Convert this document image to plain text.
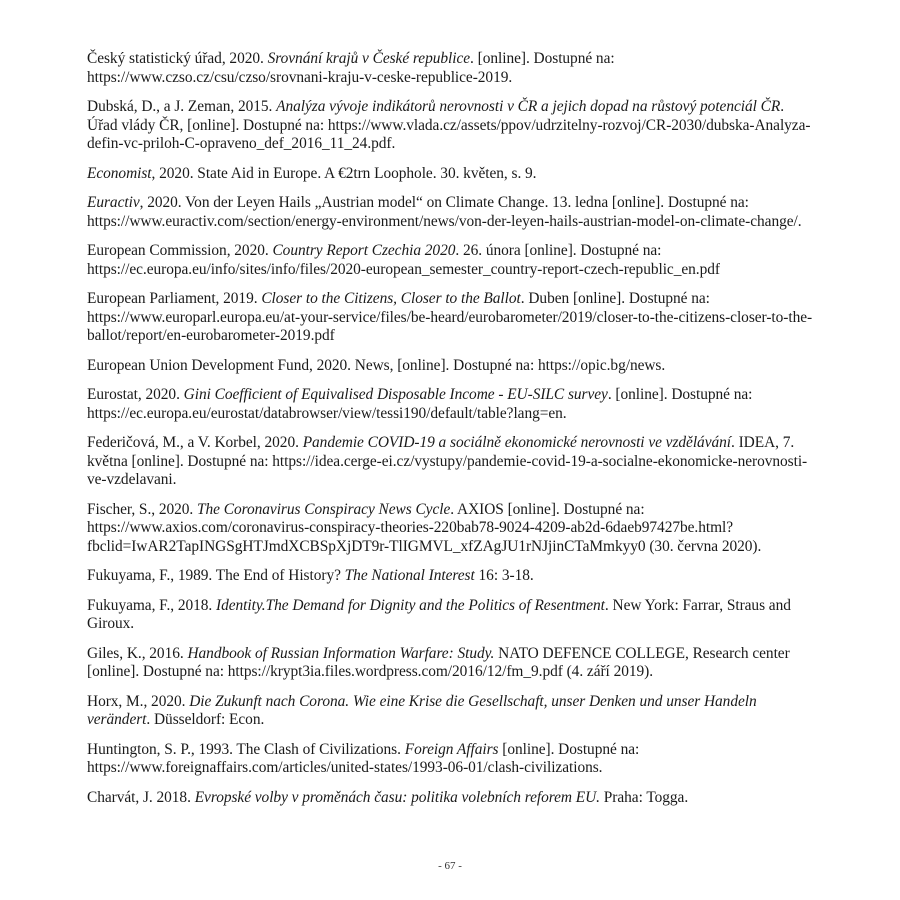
Český statistický úřad, 2020. Srovnání krajů v České republice. [online]. Dostupné na: https://www.czso.cz/csu/czso/srovnani-kraju-v-ceske-republice-2019.

Dubská, D., a J. Zeman, 2015. Analýza vývoje indikátorů nerovnosti v ČR a jejich dopad na růstový potenciál ČR. Úřad vlády ČR, [online]. Dostupné na: https://www.vlada.cz/assets/ppov/udrzitelny-rozvoj/CR-2030/dubska-Analyza-defin-vc-priloh-C-opraveno_def_2016_11_24.pdf.

Economist, 2020. State Aid in Europe. A €2trn Loophole. 30. květen, s. 9.

Euractiv, 2020. Von der Leyen Hails „Austrian model“ on Climate Change. 13. ledna [online]. Dostupné na: https://www.euractiv.com/section/energy-environment/news/von-der-leyen-hails-austrian-model-on-climate-change/.

European Commission, 2020. Country Report Czechia 2020. 26. února [online]. Dostupné na: https://ec.europa.eu/info/sites/info/files/2020-european_semester_country-report-czech-republic_en.pdf

European Parliament, 2019. Closer to the Citizens, Closer to the Ballot. Duben [online]. Dostupné na: https://www.europarl.europa.eu/at-your-service/files/be-heard/eurobarometer/2019/closer-to-the-citizens-closer-to-the-ballot/report/en-eurobarometer-2019.pdf

European Union Development Fund, 2020. News, [online]. Dostupné na: https://opic.bg/news.

Eurostat, 2020. Gini Coefficient of Equivalised Disposable Income - EU-SILC survey. [online]. Dostupné na: https://ec.europa.eu/eurostat/databrowser/view/tessi190/default/table?lang=en.

Federičová, M., a V. Korbel, 2020. Pandemie COVID-19 a sociálně ekonomické nerovnosti ve vzdělávání. IDEA, 7. května [online]. Dostupné na: https://idea.cerge-ei.cz/vystupy/pandemie-covid-19-a-socialne-ekonomicke-nerovnosti-ve-vzdelavani.

Fischer, S., 2020. The Coronavirus Conspiracy News Cycle. AXIOS [online]. Dostupné na: https://www.axios.com/coronavirus-conspiracy-theories-220bab78-9024-4209-ab2d-6daeb97427be.html?fbclid=IwAR2TapINGSgHTJmdXCBSpXjDT9r-TlIGMVL_xfZAgJU1rNJjinCTaMmkyy0 (30. června 2020).

Fukuyama, F., 1989. The End of History? The National Interest 16: 3-18.

Fukuyama, F., 2018. Identity.The Demand for Dignity and the Politics of Resentment. New York: Farrar, Straus and Giroux.

Giles, K., 2016. Handbook of Russian Information Warfare: Study. NATO DEFENCE COLLEGE, Research center [online]. Dostupné na: https://krypt3ia.files.wordpress.com/2016/12/fm_9.pdf (4. září 2019).

Horx, M., 2020. Die Zukunft nach Corona. Wie eine Krise die Gesellschaft, unser Denken und unser Handeln verändert. Düsseldorf: Econ.

Huntington, S. P., 1993. The Clash of Civilizations. Foreign Affairs [online]. Dostupné na: https://www.foreignaffairs.com/articles/united-states/1993-06-01/clash-civilizations.

Charvát, J. 2018. Evropské volby v proměnách času: politika volebních reforem EU. Praha: Togga.

- 67 -
